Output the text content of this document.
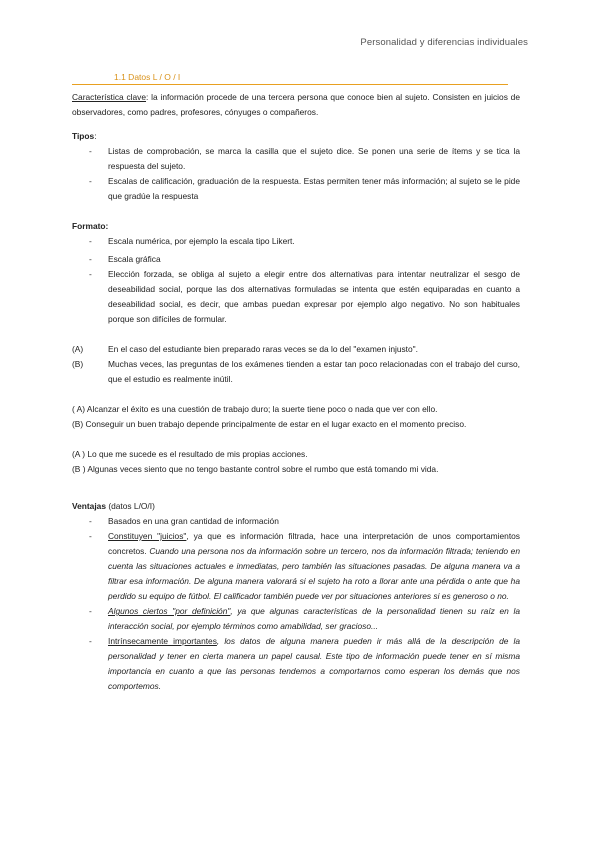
Personalidad y diferencias individuales
1.1 Datos L / O / I

Característica clave: la información procede de una tercera persona que conoce bien al sujeto. Consisten en juicios de observadores, como padres, profesores, cónyuges o compañeros.

Tipos:

- Listas de comprobación, se marca la casilla que el sujeto dice. Se ponen una serie de ítems y se tica la respuesta del sujeto.
- Escalas de calificación, graduación de la respuesta. Estas permiten tener más información; al sujeto se le pide que gradúe la respuesta

Formato:

- Escala numérica, por ejemplo la escala tipo Likert.
- Escala gráfica
- Elección forzada, se obliga al sujeto a elegir entre dos alternativas para intentar neutralizar el sesgo de deseabilidad social, porque las dos alternativas formuladas se intenta que estén equiparadas en cuanto a deseabilidad social, es decir, que ambas puedan expresar por ejemplo algo negativo. No son habituales porque son difíciles de formular.
(A)	En el caso del estudiante bien preparado raras veces se da lo del "examen injusto".
(B)	Muchas veces, las preguntas de los exámenes tienden a estar tan poco relacionadas con el trabajo del curso, que el estudio es realmente inútil.

( A) Alcanzar el éxito es una cuestión de trabajo duro; la suerte tiene poco o nada que ver con ello.

(B) Conseguir un buen trabajo depende principalmente de estar en el lugar exacto en el momento preciso.

(A ) Lo que me sucede es el resultado de mis propias acciones.

(B ) Algunas veces siento que no tengo bastante control sobre el rumbo que está tomando mi vida.

Ventajas (datos L/O/I)

- Basados en una gran cantidad de información
- Constituyen "juicios", ya que es información filtrada, hace una interpretación de unos comportamientos concretos. Cuando una persona nos da información sobre un tercero, nos da información filtrada; teniendo en cuenta las situaciones actuales e inmediatas, pero también las situaciones pasadas. De alguna manera va a filtrar esa información. De alguna manera valorará si el sujeto ha roto a llorar ante una pérdida o ante que ha perdido su equipo de fútbol. El calificador también puede ver por situaciones anteriores si es generoso o no.
- Algunos ciertos "por definición", ya que algunas características de la personalidad tienen su raíz en la interacción social, por ejemplo términos como amabilidad, ser gracioso...
- Intrínsecamente importantes, los datos de alguna manera pueden ir más allá de la descripción de la personalidad y tener en cierta manera un papel causal. Este tipo de información puede tener en sí misma importancia en cuanto a que las personas tendemos a comportarnos como esperan los demás que nos comportemos.
